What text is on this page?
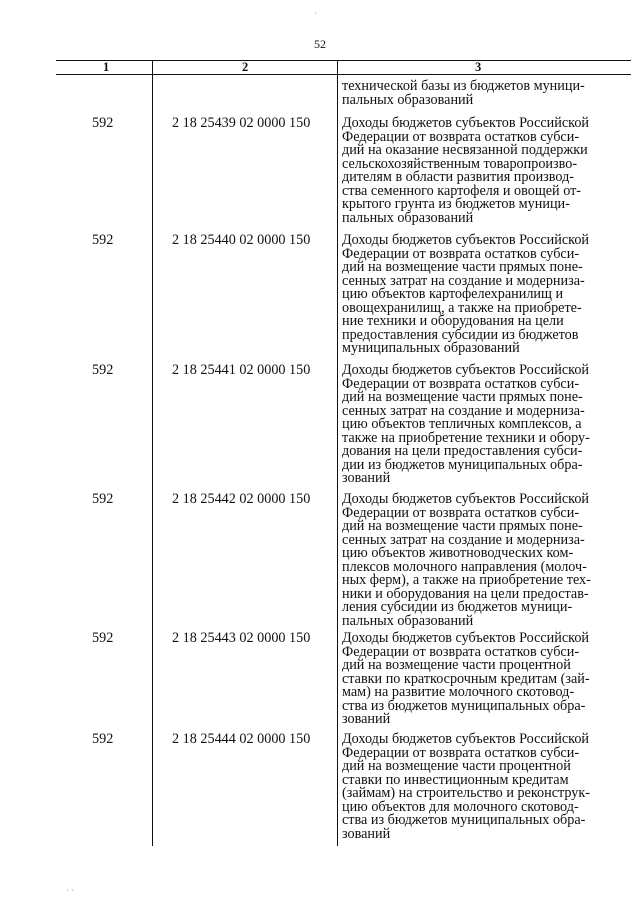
52
1	2	3
технической базы из бюджетов муници-
пальных образований
592	2 18 25439 02 0000 150 Доходы бюджетов субъектов Российской
Федерации от возврата остатков субси-
дий на оказание несвязанной поддержки
сельскохозяйственным товаропроизво-
дителям в области развития производ-
ства семенного картофеля и овощей от-
крытого грунта из бюджетов муници-
пальных образований
592	2 18 25440 02 0000 150 Доходы бюджетов субъектов Российской
Федерации от возврата остатков субси-
дий на возмещение части прямых поне-
сенных затрат на создание и модерниза-
цию объектов картофелехранилищ и
овощехранилищ, а также на приобрете-
ние техники и оборудования на цели
предоставления субсидии из бюджетов
муниципальных образований
592	2 18 25441 02 0000 150 Доходы бюджетов субъектов Российской
Федерации от возврата остатков субси-
дий на возмещение части прямых поне-
сенных затрат на создание и модерниза-
цию объектов тепличных комплексов, а
также на приобретение техники и обору-
дования на цели предоставления субси-
дии из бюджетов муниципальных обра-
зований
592	2 18 25442 02 0000 150 Доходы бюджетов субъектов Российской
Федерации от возврата остатков субси-
дий на возмещение части прямых поне-
сенных затрат на создание и модерниза-
цию объектов животноводческих ком-
плексов молочного направления (молоч-
ных ферм), а также на приобретение тех-
ники и оборудования на цели предостав-
ления субсидии из бюджетов муници-
пальных образований
592	2 18 25443 02 0000 150 Доходы бюджетов субъектов Российской
Федерации от возврата остатков субси-
дий на возмещение части процентной
ставки по краткосрочным кредитам (зай-
мам) на развитие молочного скотовод-
ства из бюджетов муниципальных обра-
зований
592	2 18 25444 02 0000 150 Доходы бюджетов субъектов Российской
Федерации от возврата остатков субси-
дий на возмещение части процентной
ставки по инвестиционным кредитам
(займам) на строительство и реконструк-
цию объектов для молочного скотовод-
ства из бюджетов муниципальных обра-
зований
·
· ·
